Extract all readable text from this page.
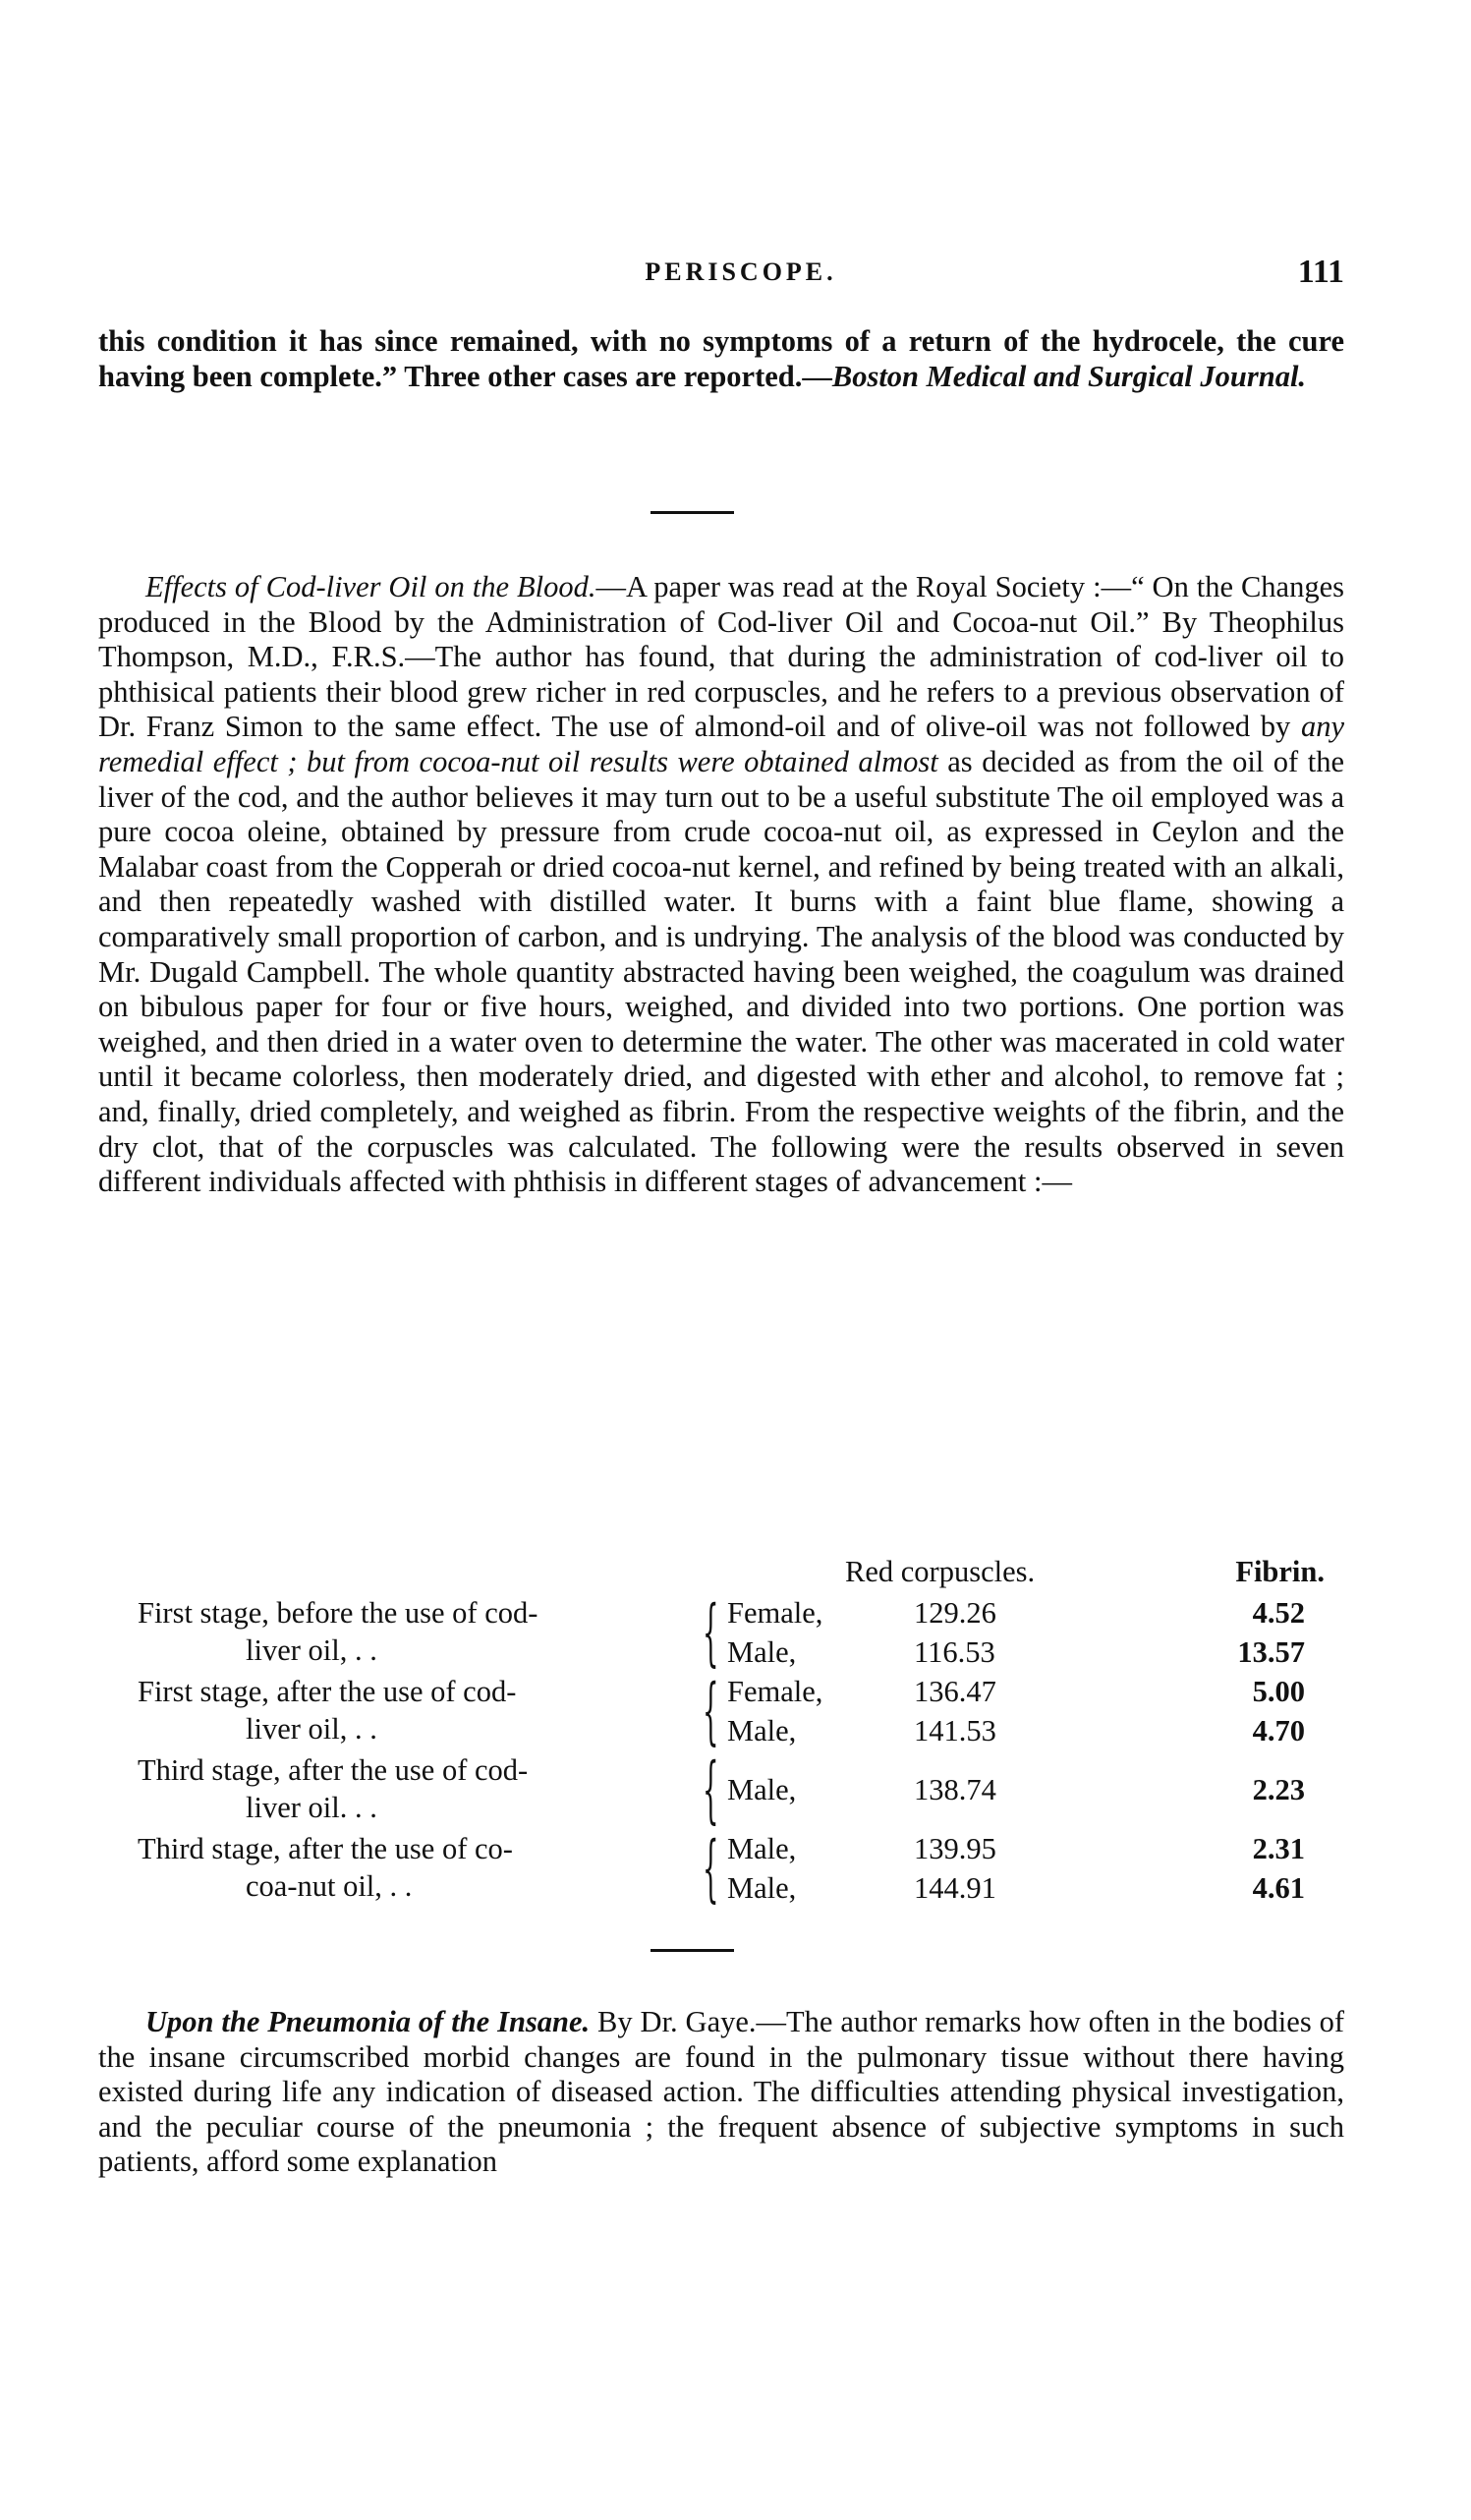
PERISCOPE.	111

this condition it has since remained, with no symptoms of a return of the hydrocele, the cure having been complete.” Three other cases are reported.—Boston Medical and Surgical Journal.

Effects of Cod-liver Oil on the Blood.—A paper was read at the Royal Society :—“ On the Changes produced in the Blood by the Administration of Cod-liver Oil and Cocoa-nut Oil.” By Theophilus Thompson, M.D., F.R.S.—The author has found, that during the administration of cod-liver oil to phthisical patients their blood grew richer in red corpuscles, and he refers to a previous observation of Dr. Franz Simon to the same effect. The use of almond-oil and of olive-oil was not followed by any remedial effect ; but from cocoa-nut oil results were obtained almost as decided as from the oil of the liver of the cod, and the author believes it may turn out to be a useful substitute The oil employed was a pure cocoa oleine, obtained by pressure from crude cocoa-nut oil, as expressed in Ceylon and the Malabar coast from the Copperah or dried cocoa-nut kernel, and refined by being treated with an alkali, and then repeatedly washed with distilled water. It burns with a faint blue flame, showing a comparatively small proportion of carbon, and is undrying. The analysis of the blood was conducted by Mr. Dugald Campbell. The whole quantity abstracted having been weighed, the coagulum was drained on bibulous paper for four or five hours, weighed, and divided into two portions. One portion was weighed, and then dried in a water oven to determine the water. The other was macerated in cold water until it became colorless, then moderately dried, and digested with ether and alcohol, to remove fat ; and, finally, dried completely, and weighed as fibrin. From the respective weights of the fibrin, and the dry clot, that of the corpuscles was calculated. The following were the results observed in seven different individuals affected with phthisis in different stages of advancement :—

Red corpuscles.	Fibrin.
First stage, before the use of cod-
liver oil, . .	{ Female,	129.26	4.52
Male,	116.53	13.57
First stage, after the use of cod-
liver oil, . .	{ Female,	136.47	5.00
Male,	141.53	4.70
Third stage, after the use of cod-
liver oil. . .	{ Male,	138.74	2.23
Third stage, after the use of co-
coa-nut oil, . .	{ Male,	139.95	2.31
Male,	144.91	4.61

Upon the Pneumonia of the Insane. By Dr. Gaye.—The author remarks how often in the bodies of the insane circumscribed morbid changes are found in the pulmonary tissue without there having existed during life any indication of diseased action. The difficulties attending physical investigation, and the peculiar course of the pneumonia ; the frequent absence of subjective symptoms in such patients, afford some explanation
